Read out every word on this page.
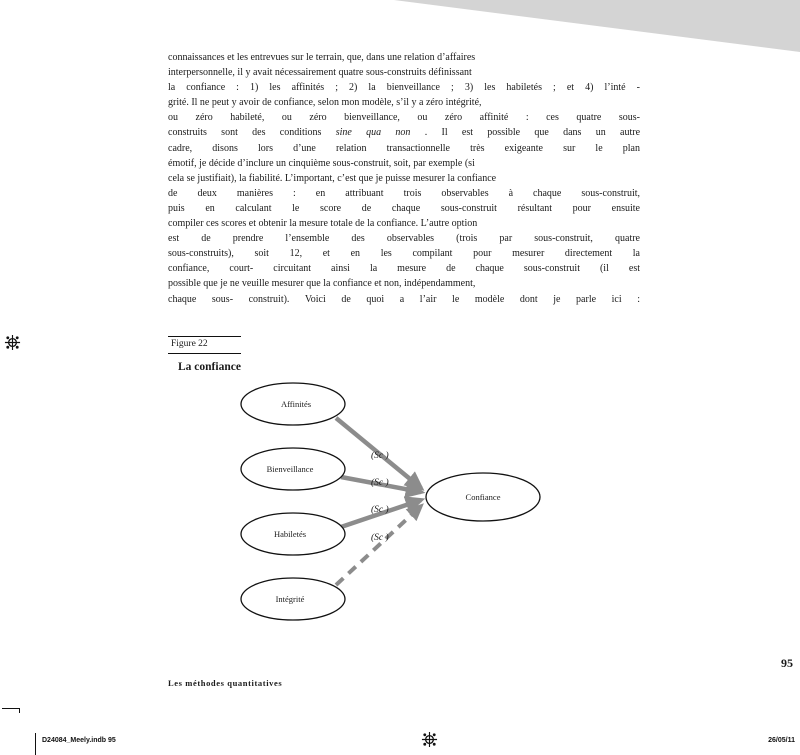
connaissances et les entrevues sur le terrain, que, dans une relation d’affaires
interpersonnelle, il y avait nécessairement quatre sous-construits définissant
la confiance : 1) les affinités ; 2) la bienveillance ; 3) les habiletés ; et 4) l’inté -
grité. Il ne peut y avoir de confiance, selon mon modèle, s’il y a zéro intégrité,
ou zéro habileté, ou zéro bienveillance, ou zéro affinité : ces quatre sous-
construits sont des conditions sine qua non . Il est possible que dans un autre
cadre, disons lors d’une relation transactionnelle très exigeante sur le plan
émotif, je décide d’inclure un cinquième sous-construit, soit, par exemple (si
cela se justifiait), la fiabilité. L’important, c’est que je puisse mesurer la confiance
de deux manières : en attribuant trois observables à chaque sous-construit,
puis en calculant le score de chaque sous-construit résultant pour ensuite
compiler ces scores et obtenir la mesure totale de la confiance. L’autre option
est de prendre l’ensemble des observables (trois par sous-construit, quatre
sous-construits), soit 12, et en les compilant pour mesurer directement la
confiance, court- circuitant ainsi la mesure de chaque sous-construit (il est
possible que je ne veuille mesurer que la confiance et non, indépendamment,
chaque sous- construit). Voici de quoi a l’air le modèle dont je parle ici :
Figure 22
La confiance
Affinités
Bienveillance
Habiletés
Intégrité
Confiance
(Sc )
(Sc )
(Sc )
(Sc )
95
Les méthodes quantitatives
D24084_Meely.indb 95	26/05/11
